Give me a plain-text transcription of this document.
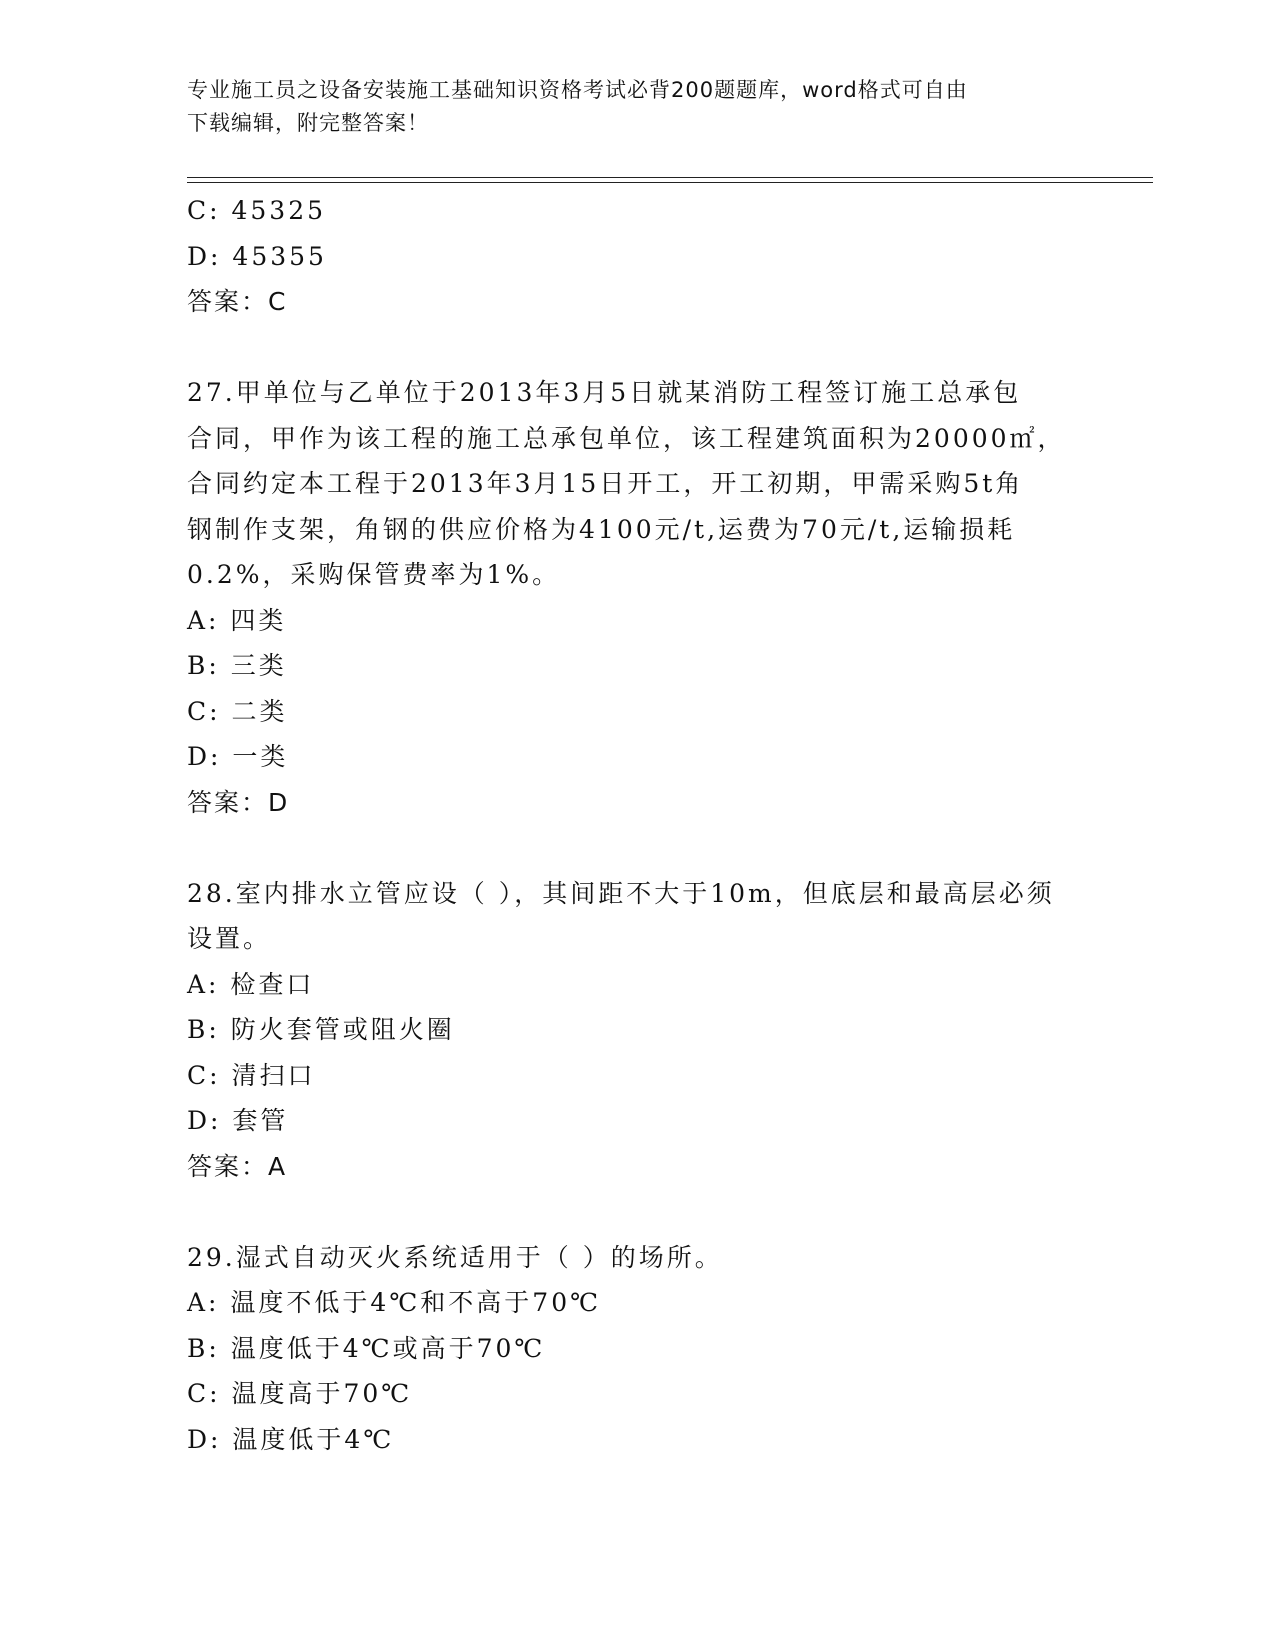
专业施工员之设备安装施工基础知识资格考试必背200题题库，word格式可自由
下载编辑，附完整答案！
C: 45325
D: 45355
答案：C
27.甲单位与乙单位于2013年3月5日就某消防工程签订施工总承包
合同，甲作为该工程的施工总承包单位，该工程建筑面积为20000㎡，
合同约定本工程于2013年3月15日开工，开工初期，甲需采购5t角
钢制作支架，角钢的供应价格为4100元/t,运费为70元/t,运输损耗
0.2%，采购保管费率为1%。
A: 四类
B: 三类
C: 二类
D: 一类
答案：D
28.室内排水立管应设（ ），其间距不大于10m，但底层和最高层必须
设置。
A: 检查口
B: 防火套管或阻火圈
C: 清扫口
D: 套管
答案：A
29.湿式自动灭火系统适用于（ ）的场所。
A: 温度不低于4℃和不高于70℃
B: 温度低于4℃或高于70℃
C: 温度高于70℃
D: 温度低于4℃
